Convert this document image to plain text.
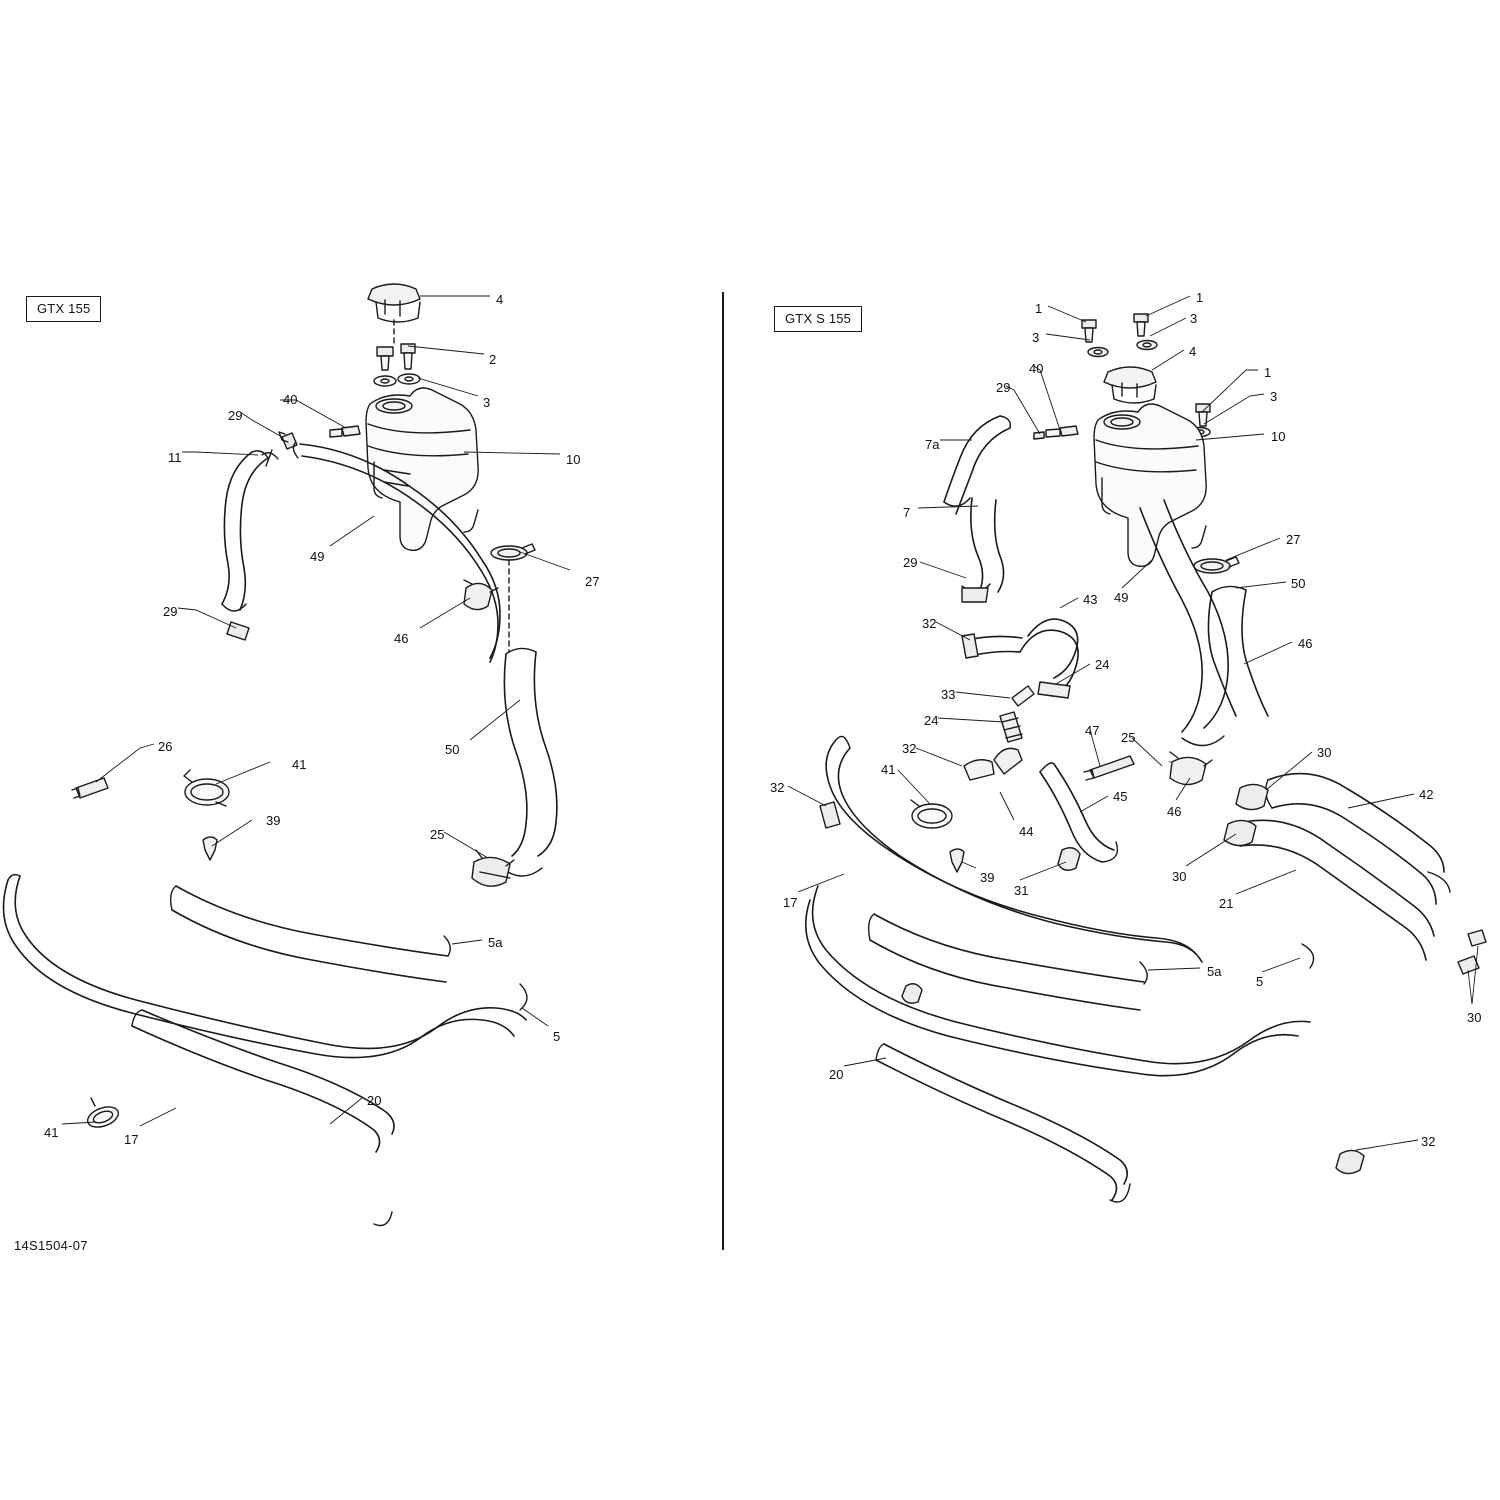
GTX 155
GTX S 155
14S1504-07
4
2
3
40
29
10
11
49
27
29
46
50
26
41
39
25
5a
5
20
41	17
1
1
3
3
4
1
40
29
3
10
7a
7
29
27
50
43 49
32
46
24
33
24
47 25
30
32
41
45	42
32
46
44
30
39
31
21
17
5a
5
30
20
32
